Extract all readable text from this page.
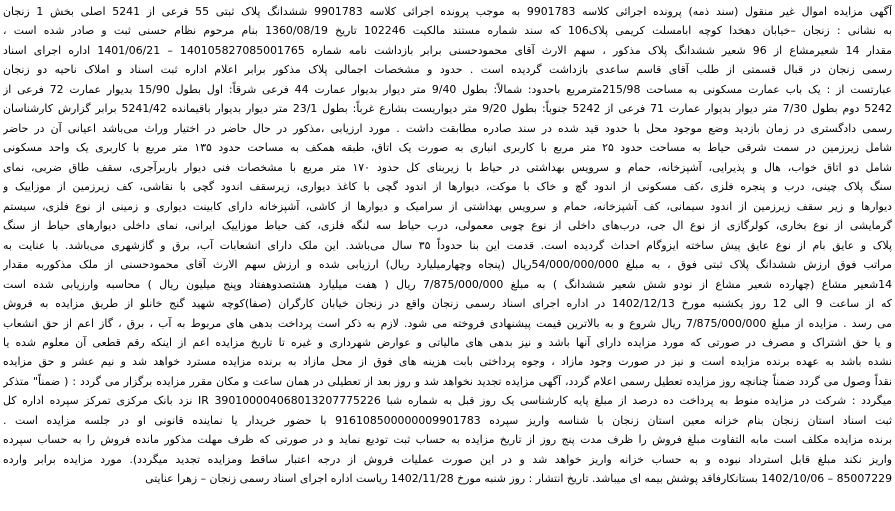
آگهی مزایده اموال غیر منقول (سند ذمه) پرونده اجرائی کلاسه 9901783 به موجب پرونده اجرائی کلاسه 9901783 ششدانگ پلاک ثبتی 55 فرعی از 5241 اصلی بخش 1 زنجان
به نشانی : زنجان –خیابان دهخدا کوچه ابامسلت کریمی پلاک106 که سند شماره مستند مالکیت 102246 تاریخ 1360/08/19 بنام مرحوم نظام حسنی ثبت و صادر شده است ،
مقدار 14 شعیرمشاع از 96 شعیر ششدانگ پلاک مذکور ، سهم الارث آقای محمودحسنی برابر بازداشت نامه شماره 140105827085001765 – 1401/06/21 اداره اجرای اسناد
رسمی زنجان در قبال قسمتی از طلب آقای قاسم ساعدی بازداشت گردیده است . حدود و مشخصات اجمالی پلاک مذکور برابر اعلام اداره ثبت اسناد و املاک ناحیه دو زنجان
عبارتست از : یک باب عمارت مسکونی به مساحت 215/98مترمربع باحدود: شمالاً: بطول 9/40 متر دیوار بدیوار عمارت 44 فرعی شرقاً: اول بطول 15/90 بدیوار عمارت 72 فرعی از
5242 دوم بطول 7/30 متر دیوار بدیوار عمارت 71 فرعی از 5242 جنوباً: بطول 9/20 متر دیواریست بشارع غرباً: بطول 23/1 متر دیوار بدیوار باقیمانده 5241/42 برابر گزارش کارشناسان
رسمی دادگستری در زمان بازدید وضع موجود محل با حدود قید شده در سند صادره مطابقت داشت . مورد ارزیابی ،مذکور در حال حاضر در اختیار وراث می‌باشد اعیانی آن در حاضر
شامل زیرزمین در سمت شرقی حیاط به مساحت حدود ۲۵ متر مربع با کاربری انباری به صورت یک اتاق، طبقه همکف به مساحت حدود ۱۳۵ متر مربع با کاربری یک واحد مسکونی
شامل دو اتاق خواب، هال و پذیرایی، آشپزخانه، حمام و سرویس بهداشتی در حیاط با زیربنای کل حدود ۱۷۰ متر مربع با مشخصات فنی دیوار باربرآجری، سقف طاق ضربی، نمای
سنگ پلاک چینی، درب و پنجره فلزی ،کف مسکونی از اندود گچ و خاک با موکت، دیوارها از اندود گچی با کاغذ دیواری، زیرسقف اندود گچی با نقاشی، کف زیرزمین از موزاییک و
دیوارها و زیر سقف زیرزمین از اندود سیمانی، کف آشپزخانه، حمام و سرویس بهداشتی از سرامیک و دیوارها از کاشی، آشپزخانه دارای کابینت دیواری و زمینی از نوع فلزی، سیستم
گرمایشی از نوع بخاری، کولرگازی از نوع ال جی، درب‌های داخلی از نوع چوبی معمولی، درب حیاط سه لنگه فلزی، کف حیاط موزاییک ایرانی، نمای داخلی دیوارهای حیاط از سنگ
پلاک و عایق بام از نوع عایق پیش ساخته ایزوگام احداث گردیده است. قدمت این بنا حدوداً ۳۵ سال می‌باشد. این ملک دارای انشعابات آب، برق و گازشهری می‌باشد. با عنایت به
مراتب فوق ارزش ششدانگ پلاک ثبتی فوق ، به مبلغ 54/000/000/000ریال (پنجاه وچهارمیلیارد ریال) ارزیابی شده و ارزش سهم الارث آقای محمودحسنی از ملک مذکوربه مقدار
14شعیر مشاع (چهارده شعیر مشاع از نودو شش شعیر ششدانگ ) به مبلغ 7/875/000/000 ریال ( هفت میلیارد هشتصدوهفتاد وپنج میلیون ریال ) محاسبه وارزیابی شده است
که از ساعت 9 الی 12 روز یکشنبه مورخ 1402/12/13 در اداره اجرای اسناد رسمی زنجان واقع در زنجان خیابان کارگران (صفا)کوچه شهید گنج خانلو از طریق مزایده به فروش
می رسد . مزایده از مبلغ 7/875/000/000 ریال شروع و به بالاترین قیمت پیشنهادی فروخته می شود. لازم به ذکر است پرداخت بدهی های مربوط به آب ، برق ، گاز اعم از حق انشعاب
و یا حق اشتراک و مصرف در صورتی که مورد مزایده دارای آنها باشد و نیز بدهی های مالیاتی و عوارض شهرداری و غیره تا تاریخ مزایده اعم از اینکه رقم قطعی آن معلوم شده یا
نشده باشد به عهده برنده مزایده است و نیز در صورت وجود مازاد ، وجوه پرداختی بابت هزینه های فوق از محل مازاد به برنده مزایده مسترد خواهد شد و نیم عشر و حق مزایده
نقداً وصول می گردد ضمناً چنانچه روز مزایده تعطیل رسمی اعلام گردد، آگهی مزایده تجدید نخواهد شد و روز بعد از تعطیلی در همان ساعت و مکان مقرر مزایده برگزار می گردد : ( ضمناً" متذکر
میگردد : شرکت در مزایده منوط به پرداخت ده درصد از مبلغ پایه کارشناسی یک روز قبل به شماره شبا IR 390100004068013207775226 نزد بانک مرکزی تمرکز سپرده اداره کل
ثبت اسناد استان زنجان بنام خزانه معین استان زنجان با شناسه واریز سپرده 916108500000009901783 با حضور خریدار یا نماینده قانونی او در جلسه مزایده است .
برنده مزایده مکلف است مابه التفاوت مبلغ فروش را ظرف مدت پنج روز از تاریخ مزایده به حساب ثبت تودیع نماید و در صورتی که ظرف مهلت مذکور مانده فروش را به حساب سپرده
واریز نکند مبلغ قابل استرداد نبوده و به حساب خزانه واریز خواهد شد و در این صورت عملیات فروش از درجه اعتبار ساقط ومزایده تجدید میگردد). مورد مزایده برابر وارده
85007229 – 1402/10/06 بستانکارفاقد پوشش بیمه ای میباشد. تاریخ انتشار : روز شنبه مورخ 1402/11/28 ریاست اداره اجرای اسناد رسمی زنجان – زهرا عنایتی
